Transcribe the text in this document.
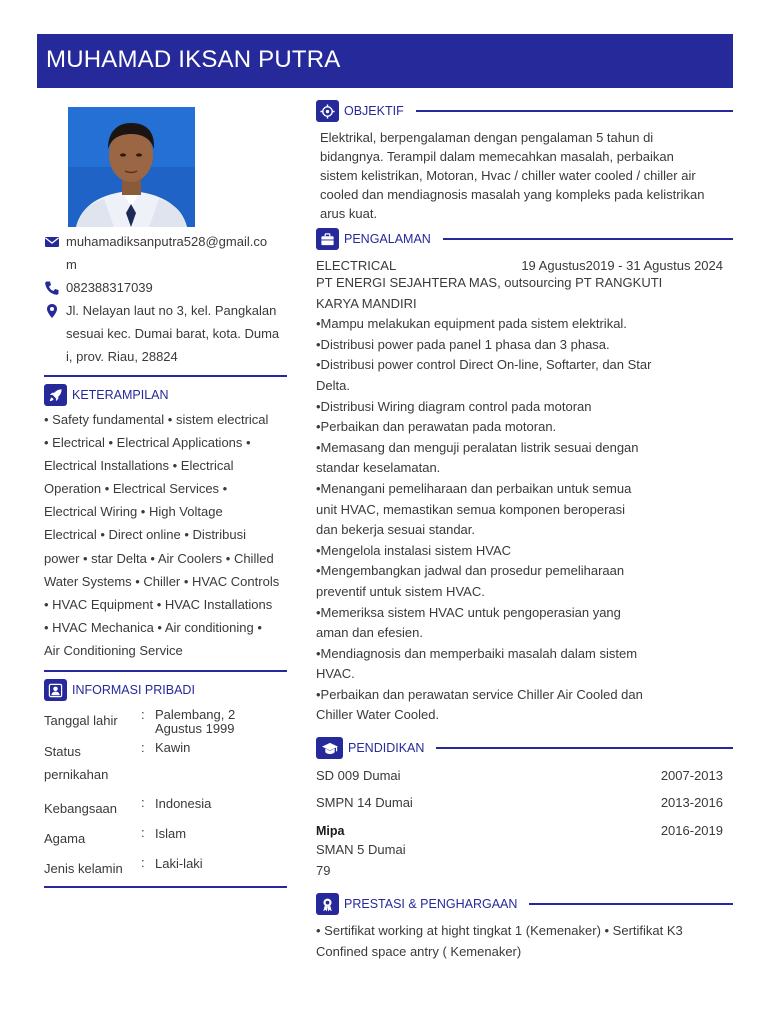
MUHAMAD IKSAN PUTRA
muhamadiksanputra528@gmail.co
m
082388317039
Jl. Nelayan laut no 3, kel. Pangkalan
sesuai kec. Dumai barat, kota. Duma
i, prov. Riau, 28824
KETERAMPILAN
• Safety fundamental • sistem electrical
• Electrical • Electrical Applications •
Electrical Installations • Electrical
Operation • Electrical Services •
Electrical Wiring • High Voltage
Electrical • Direct online • Distribusi
power • star Delta • Air Coolers • Chilled
Water Systems • Chiller • HVAC Controls
• HVAC Equipment • HVAC Installations
• HVAC Mechanica • Air conditioning •
Air Conditioning Service
INFORMASI PRIBADI
Tanggal lahir	: Palembang, 2
Agustus 1999
Status
pernikahan
: Kawin
Kebangsaan	: Indonesia
Agama	: Islam
Jenis kelamin	: Laki-laki
OBJEKTIF
Elektrikal, berpengalaman dengan pengalaman 5 tahun di
bidangnya. Terampil dalam memecahkan masalah, perbaikan
sistem kelistrikan, Motoran, Hvac / chiller water cooled / chiller air
cooled dan mendiagnosis masalah yang kompleks pada kelistrikan
arus kuat.
PENGALAMAN
ELECTRICAL	19 Agustus2019 - 31 Agustus 2024
PT ENERGI SEJAHTERA MAS, outsourcing PT RANGKUTI
KARYA MANDIRI
•Mampu melakukan equipment pada sistem elektrikal.
•Distribusi power pada panel 1 phasa dan 3 phasa.
•Distribusi power control Direct On-line, Softarter, dan Star
Delta.
•Distribusi Wiring diagram control pada motoran
•Perbaikan dan perawatan pada motoran.
•Memasang dan menguji peralatan listrik sesuai dengan
standar keselamatan.
•Menangani pemeliharaan dan perbaikan untuk semua
unit HVAC, memastikan semua komponen beroperasi
dan bekerja sesuai standar.
•Mengelola instalasi sistem HVAC
•Mengembangkan jadwal dan prosedur pemeliharaan
preventif untuk sistem HVAC.
•Memeriksa sistem HVAC untuk pengoperasian yang
aman dan efesien.
•Mendiagnosis dan memperbaiki masalah dalam sistem
HVAC.
•Perbaikan dan perawatan service Chiller Air Cooled dan
Chiller Water Cooled.
PENDIDIKAN
SD 009 Dumai	2007-2013
SMPN 14 Dumai	2013-2016
Mipa	2016-2019
SMAN 5 Dumai
79
PRESTASI & PENGHARGAAN
• Sertifikat working at hight tingkat 1 (Kemenaker) • Sertifikat K3
Confined space antry ( Kemenaker)
